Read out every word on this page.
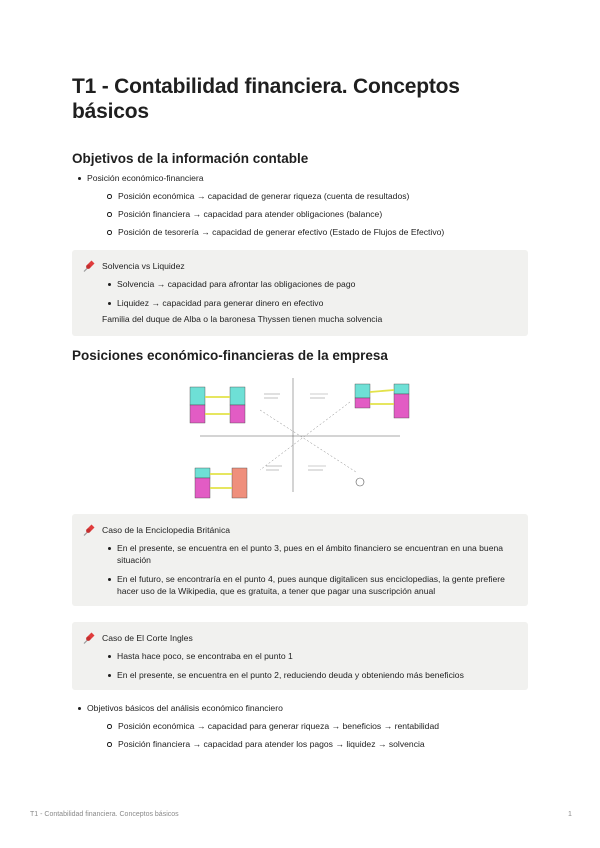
T1 - Contabilidad financiera. Conceptos básicos
Objetivos de la información contable
Posición económico-financiera
Posición económica → capacidad de generar riqueza (cuenta de resultados)
Posición financiera → capacidad para atender obligaciones (balance)
Posición de tesorería → capacidad de generar efectivo (Estado de Flujos de Efectivo)
Solvencia vs Liquidez
Solvencia → capacidad para afrontar las obligaciones de pago
Liquidez → capacidad para generar dinero en efectivo
Familia del duque de Alba o la baronesa Thyssen tienen mucha solvencia
Posiciones económico-financieras de la empresa
Caso de la Enciclopedia Británica
En el presente, se encuentra en el punto 3, pues en el ámbito financiero se encuentran en una buena situación
En el futuro, se encontraría en el punto 4, pues aunque digitalicen sus enciclopedias, la gente prefiere hacer uso de la Wikipedia, que es gratuita, a tener que pagar una suscripción anual
Caso de El Corte Ingles
Hasta hace poco, se encontraba en el punto 1
En el presente, se encuentra en el punto 2, reduciendo deuda y obteniendo más beneficios
Objetivos básicos del análisis económico financiero
Posición económica → capacidad para generar riqueza → beneficios → rentabilidad
Posición financiera → capacidad para atender los pagos → liquidez → solvencia
T1 - Contabilidad financiera. Conceptos básicos	1
